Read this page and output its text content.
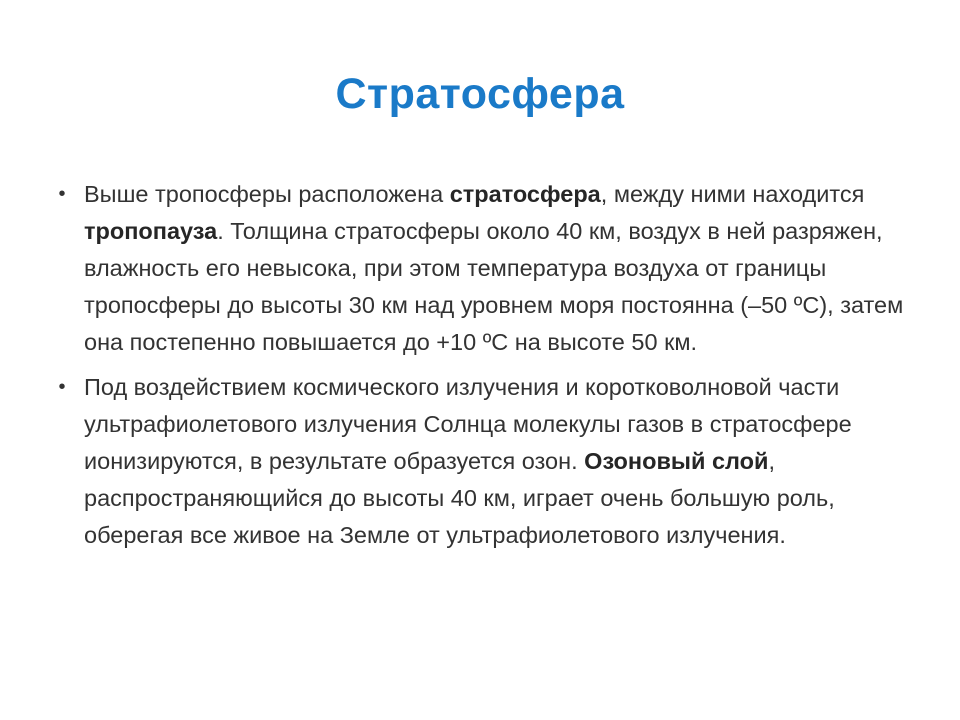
Стратосфера
• Выше тропосферы расположена стратосфера, между ними находится тропопауза. Толщина стратосферы около 40 км, воздух в ней разряжен, влажность его невысока, при этом температура воздуха от границы тропосферы до высоты 30 км над уровнем моря постоянна (–50 ºС), затем она постепенно повышается до +10 ºС на высоте 50 км.
• Под воздействием космического излучения и коротковолновой части ультрафиолетового излучения Солнца молекулы газов в стратосфере ионизируются, в результате образуется озон. Озоновый слой, распространяющийся до высоты 40 км, играет очень большую роль, оберегая все живое на Земле от ультрафиолетового излучения.
